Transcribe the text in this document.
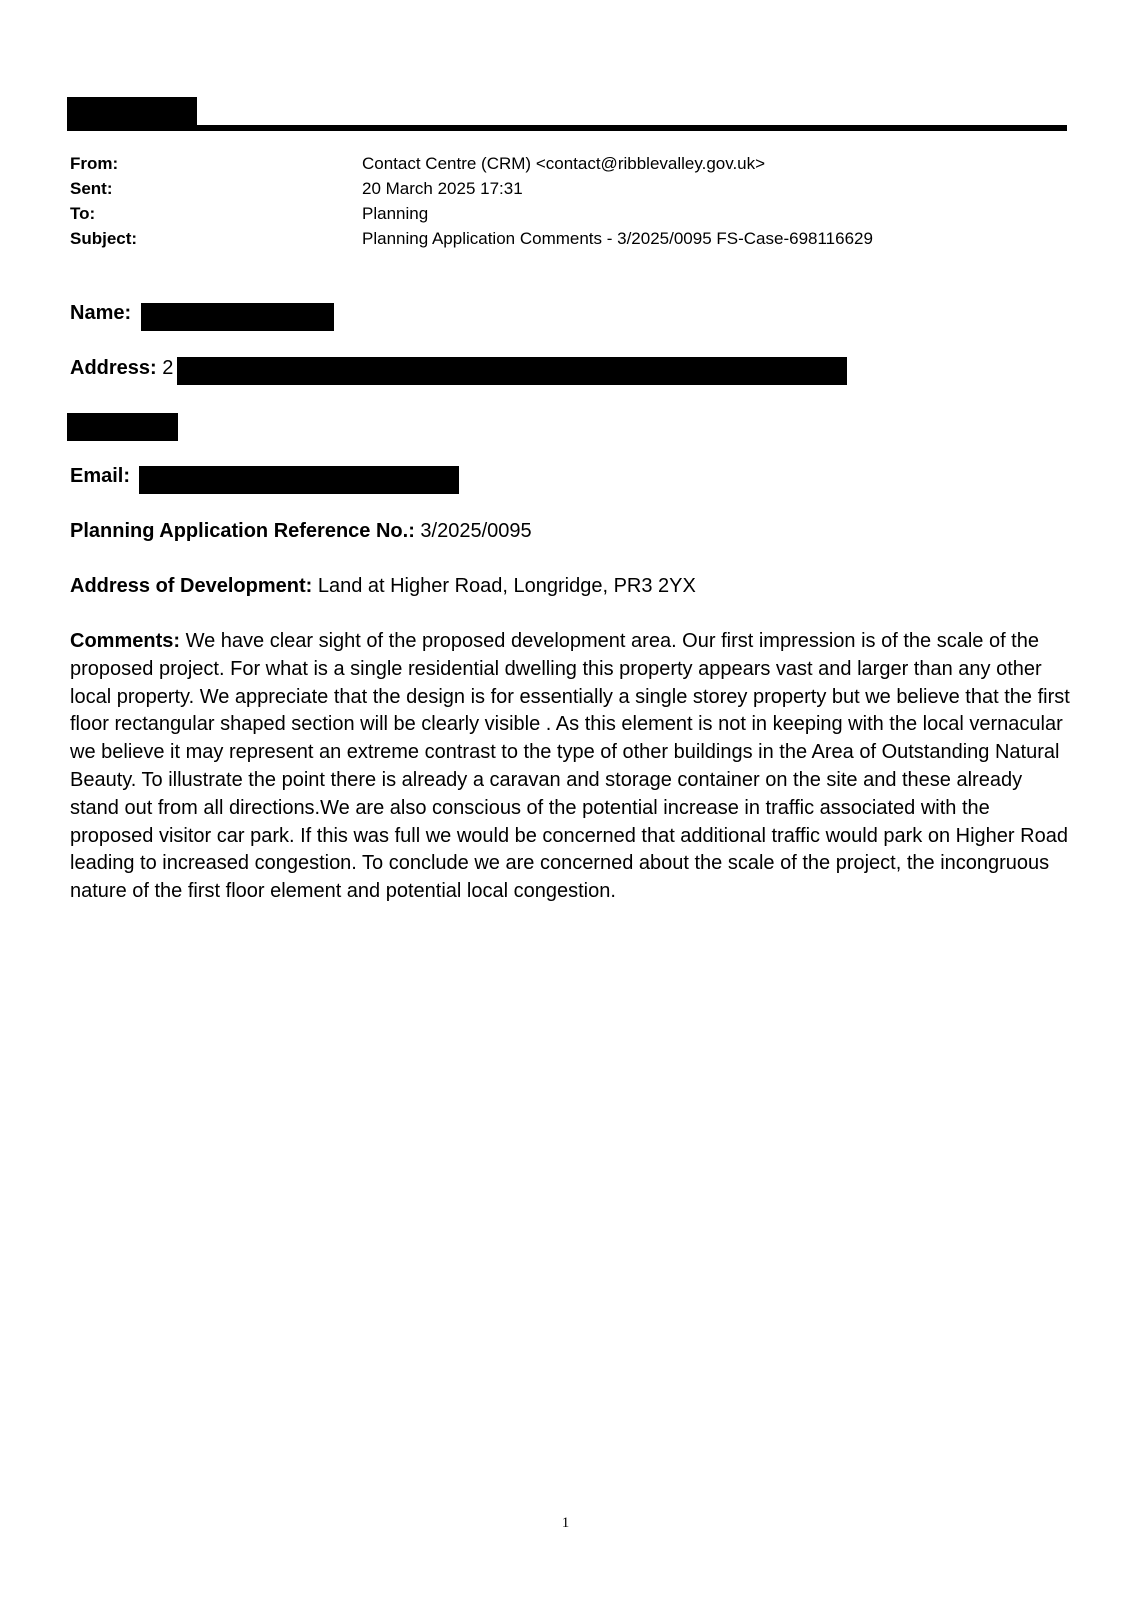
From:	Contact Centre (CRM) <contact@ribblevalley.gov.uk>
Sent:	20 March 2025 17:31
To:	Planning
Subject:	Planning Application Comments - 3/2025/0095 FS-Case-698116629
Name:
Address: 2
Email:
Planning Application Reference No.: 3/2025/0095
Address of Development: Land at Higher Road, Longridge, PR3 2YX
Comments: We have clear sight of the proposed development area. Our first impression is of the scale of the proposed project. For what is a single residential dwelling this property appears vast and larger than any other local property. We appreciate that the design is for essentially a single storey property but we believe that the first floor rectangular shaped section will be clearly visible . As this element is not in keeping with the local vernacular we believe it may represent an extreme contrast to the type of other buildings in the Area of Outstanding Natural Beauty. To illustrate the point there is already a caravan and storage container on the site and these already stand out from all directions.We are also conscious of the potential increase in traffic associated with the proposed visitor car park. If this was full we would be concerned that additional traffic would park on Higher Road leading to increased congestion. To conclude we are concerned about the scale of the project, the incongruous nature of the first floor element and potential local congestion.
1
